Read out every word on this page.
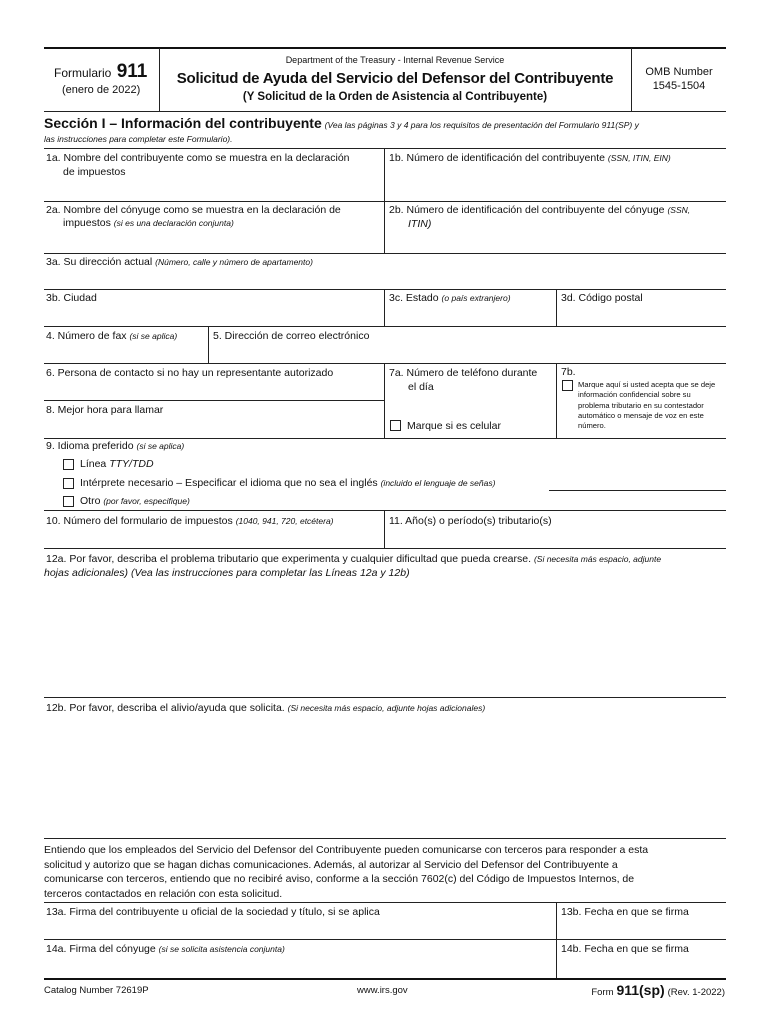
Formulario 911
(enero de 2022)
Department of the Treasury - Internal Revenue Service
Solicitud de Ayuda del Servicio del Defensor del Contribuyente
(Y Solicitud de la Orden de Asistencia al Contribuyente)
OMB Number
1545-1504
Sección I – Información del contribuyente (Vea las páginas 3 y 4 para los requisitos de presentación del Formulario 911(SP) y
las instrucciones para completar este Formulario).
1a. Nombre del contribuyente como se muestra en la declaración
de impuestos
1b. Número de identificación del contribuyente (SSN, ITIN, EIN)
2a. Nombre del cónyuge como se muestra en la declaración de
impuestos (si es una declaración conjunta)
2b. Número de identificación del contribuyente del cónyuge (SSN,
ITIN)
3a. Su dirección actual (Número, calle y número de apartamento)
3b. Ciudad	3c. Estado (o país extranjero)	3d. Código postal
4. Número de fax (si se aplica)	5. Dirección de correo electrónico
6. Persona de contacto si no hay un representante autorizado
8. Mejor hora para llamar
7a. Número de teléfono durante
el día
Marque si es celular
7b.
Marque aquí si usted acepta que se deje información confidencial sobre su problema tributario en su contestador automático o mensaje de voz en este número.
9. Idioma preferido (si se aplica)
Línea TTY/TDD
Intérprete necesario – Especificar el idioma que no sea el inglés (incluido el lenguaje de señas)
Otro (por favor, especifique)
10. Número del formulario de impuestos (1040, 941, 720, etcétera)	11. Año(s) o período(s) tributario(s)
12a. Por favor, describa el problema tributario que experimenta y cualquier dificultad que pueda crearse. (Si necesita más espacio, adjunte
hojas adicionales) (Vea las instrucciones para completar las Líneas 12a y 12b)
12b. Por favor, describa el alivio/ayuda que solicita. (Si necesita más espacio, adjunte hojas adicionales)
Entiendo que los empleados del Servicio del Defensor del Contribuyente pueden comunicarse con terceros para responder a esta
solicitud y autorizo que se hagan dichas comunicaciones. Además, al autorizar al Servicio del Defensor del Contribuyente a
comunicarse con terceros, entiendo que no recibiré aviso, conforme a la sección 7602(c) del Código de Impuestos Internos, de
terceros contactados en relación con esta solicitud.
13a. Firma del contribuyente u oficial de la sociedad y título, si se aplica	13b. Fecha en que se firma
14a. Firma del cónyuge (si se solicita asistencia conjunta)	14b. Fecha en que se firma
Catalog Number 72619P	www.irs.gov	Form 911(sp) (Rev. 1-2022)
